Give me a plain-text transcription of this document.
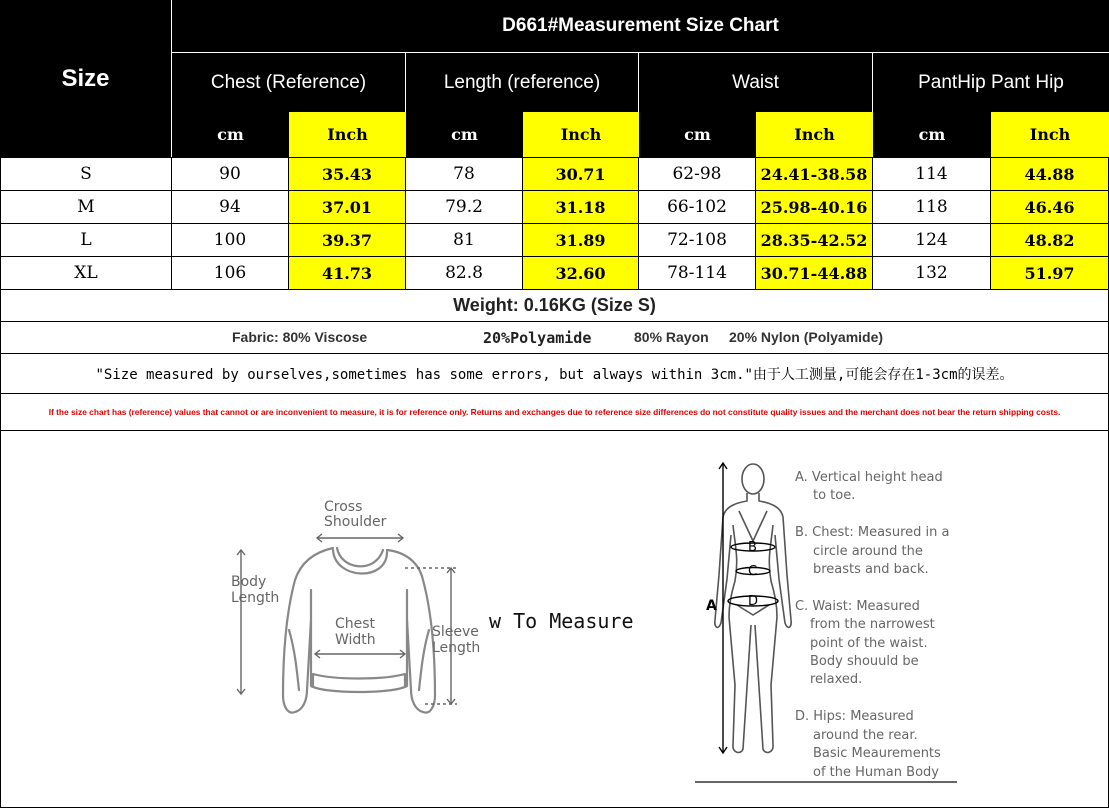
Size
D661#Measurement Size Chart
Chest (Reference)	Length (reference)	Waist	PantHip Pant Hip
cm	Inch	cm	Inch	cm	Inch	cm	Inch
S	90	35.43	78	30.71	62-98	24.41-38.58	114	44.88
M	94	37.01	79.2	31.18	66-102	25.98-40.16	118	46.46
L	100	39.37	81	31.89	72-108	28.35-42.52	124	48.82
XL	106	41.73	82.8	32.60	78-114	30.71-44.88	132	51.97
Weight: 0.16KG (Size S)
Fabric: 80% Viscose	20%Polyamide	80% Rayon 20% Nylon (Polyamide)
"Size measured by ourselves,sometimes has some errors, but always within 3cm."由于人工测量,可能会存在1-3cm的误差。
If the size chart has (reference) values that cannot or are inconvenient to measure, it is for reference only. Returns and exchanges due to reference size differences do not constitute quality issues and the merchant does not bear the return shipping costs.
Cross
Shoulder
Body
Length
Chest
Width	Sleeve
Length
w To Measure
A
B
C
D
A. Vertical height head
to toe.
B. Chest: Measured in a
circle around the
breasts and back.
C. Waist: Measured
from the narrowest
point of the waist.
Body shouuld be
relaxed.
D. Hips: Measured
around the rear.
Basic Meaurements
of the Human Body
